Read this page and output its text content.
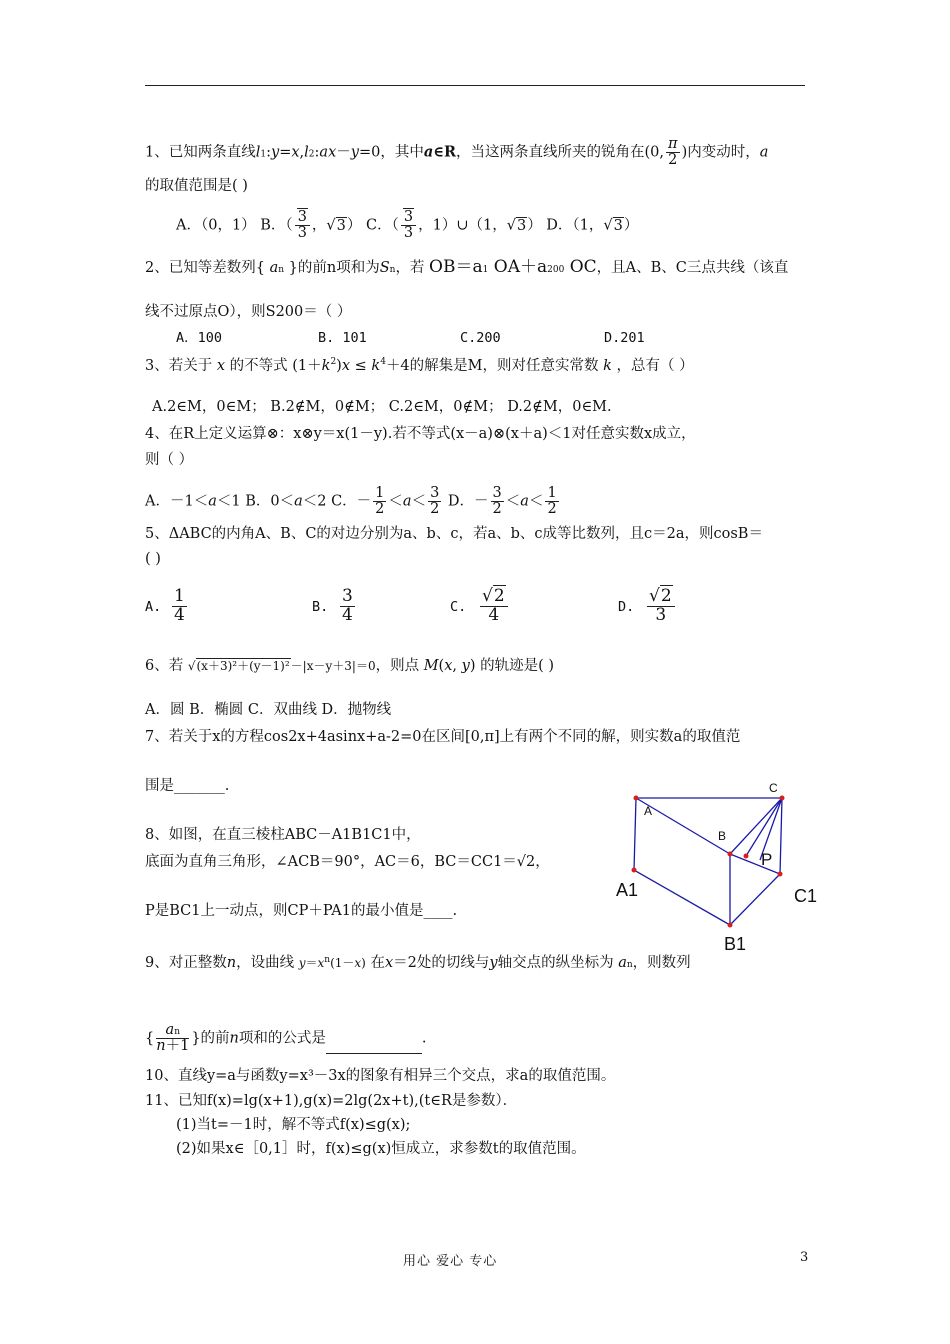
1、已知两条直线l1:y=x,l2:ax－y=0，其中a∈R，当这两条直线所夹的锐角在(0, $\frac{\pi}{2}$ )内变动时，a
的取值范围是( )
A．（0，1） B．（ $\frac{3}{3}$ ，√3） C．（ $\frac{3}{3}$ ，1）∪（1，√3） D．（1，√3）
2、已知等差数列{ an }的前n项和为Sn，若 OB＝a1 OA＋a200 OC，且A、B、C三点共线（该直
线不过原点O），则S200＝（ ）
A．100	B. 101	C.200	D.201
3、若关于 x 的不等式 $(1+k^2)x \le k^4+4$的解集是M，则对任意实常数 k ，总有（ ）
A.2∈M，0∈M； B.2∉M，0∉M； C.2∈M，0∉M； D.2∉M，0∈M.
4、在R上定义运算⊗：x⊗y＝x(1－y).若不等式(x－a)⊗(x＋a)＜1对任意实数x成立，
则（ ）
A．－1＜a＜1 B．0＜a＜2 C．－ $\frac{1}{2} <a< \frac{3}{2}$ D．－ $\frac{3}{2} <a< \frac{1}{2}$
5、ΔABC的内角A、B、C的对边分别为a、b、c，若a、b、c成等比数列，且c＝2a，则cosB＝
( )
A. $\frac{1}{4}$	B. $\frac{3}{4}$	C. $\frac{√2}{4}$	D. $\frac{√2}{3}$
6、若 √(x＋3)²＋(y－1)²－|x－y＋3|＝0，则点 M(x, y) 的轨迹是( )
A．圆 B．椭圆 C．双曲线 D．抛物线
7、若关于x的方程cos2x+4asinx+a-2=0在区间[0,π]上有两个不同的解，则实数a的取值范
围是_______.
8、如图，在直三棱柱ABC－A1B1C1中，
底面为直角三角形，∠ACB＝90°，AC＝6，BC＝CC1＝√2，
P是BC1上一动点，则CP＋PA1的最小值是____.
A
B
C
P
A1
B1
C1
9、对正整数n，设曲线 $y=x^n(1-x)$ 在x＝2处的切线与y轴交点的纵坐标为 an，则数列
{ $\frac{an}{n+1}$ }的前n项和的公式是	.
10、直线y=a与函数y=x³－3x的图象有相异三个交点，求a的取值范围。
11、已知f(x)=lg(x+1),g(x)=2lg(2x+t),(t∈R是参数）．
(1)当t=－1时，解不等式f(x)≤g(x);
(2)如果x∈［0,1］时，f(x)≤g(x)恒成立，求参数t的取值范围。
用心 爱心 专心	3
